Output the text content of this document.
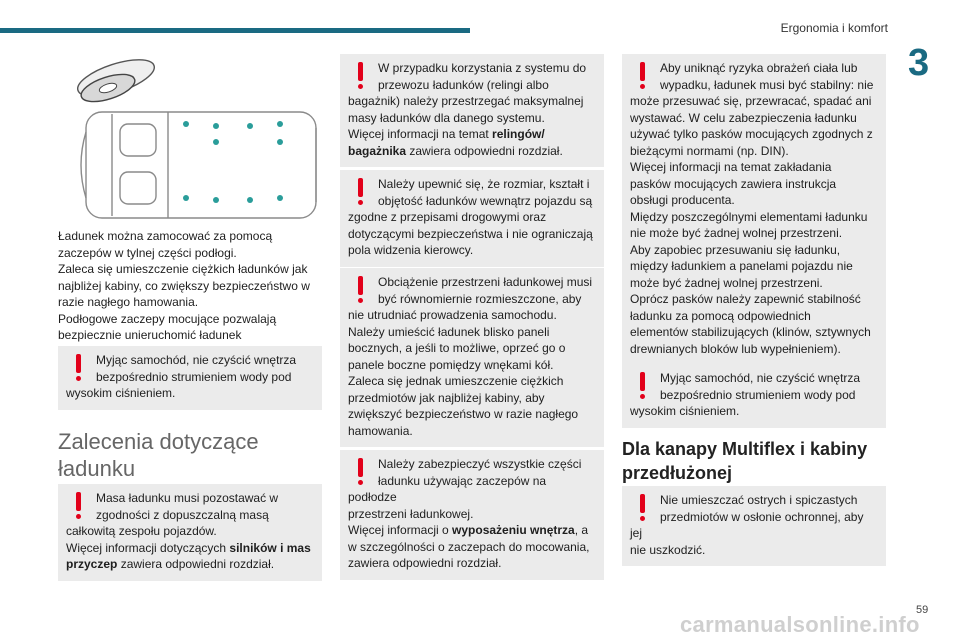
Ergonomia i komfort
3
Ładunek można zamocować za pomocą
zaczepów w tylnej części podłogi.
Zaleca się umieszczenie ciężkich ładunków jak
najbliżej kabiny, co zwiększy bezpieczeństwo w
razie nagłego hamowania.
Podłogowe zaczepy mocujące pozwalają
bezpiecznie unieruchomić ładunek
Myjąc samochód, nie czyścić wnętrza
bezpośrednio strumieniem wody pod
wysokim ciśnieniem.
Zalecenia dotyczące
ładunku
Masa ładunku musi pozostawać w
zgodności z dopuszczalną masą
całkowitą zespołu pojazdów.
Więcej informacji dotyczących silników i mas
przyczep zawiera odpowiedni rozdział.
W przypadku korzystania z systemu do
przewozu ładunków (relingi albo
bagażnik) należy przestrzegać maksymalnej
masy ładunków dla danego systemu.
Więcej informacji na temat relingów/
bagażnika zawiera odpowiedni rozdział.
Należy upewnić się, że rozmiar, kształt i
objętość ładunków wewnątrz pojazdu są
zgodne z przepisami drogowymi oraz
dotyczącymi bezpieczeństwa i nie ograniczają
pola widzenia kierowcy.
Obciążenie przestrzeni ładunkowej musi
być równomiernie rozmieszczone, aby
nie utrudniać prowadzenia samochodu.
Należy umieścić ładunek blisko paneli
bocznych, a jeśli to możliwe, oprzeć go o
panele boczne pomiędzy wnękami kół.
Zaleca się jednak umieszczenie ciężkich
przedmiotów jak najbliżej kabiny, aby
zwiększyć bezpieczeństwo w razie nagłego
hamowania.
Należy zabezpieczyć wszystkie części
ładunku używając zaczepów na podłodze
przestrzeni ładunkowej.
Więcej informacji o wyposażeniu wnętrza, a
w szczególności o zaczepach do mocowania,
zawiera odpowiedni rozdział.
Aby uniknąć ryzyka obrażeń ciała lub
wypadku, ładunek musi być stabilny: nie
może przesuwać się, przewracać, spadać ani
wystawać. W celu zabezpieczenia ładunku
używać tylko pasków mocujących zgodnych z
bieżącymi normami (np. DIN).
Więcej informacji na temat zakładania
pasków mocujących zawiera instrukcja
obsługi producenta.
Między poszczególnymi elementami ładunku
nie może być żadnej wolnej przestrzeni.
Aby zapobiec przesuwaniu się ładunku,
między ładunkiem a panelami pojazdu nie
może być żadnej wolnej przestrzeni.
Oprócz pasków należy zapewnić stabilność
ładunku za pomocą odpowiednich
elementów stabilizujących (klinów, sztywnych
drewnianych bloków lub wypełnieniem).
Myjąc samochód, nie czyścić wnętrza
bezpośrednio strumieniem wody pod
wysokim ciśnieniem.
Dla kanapy Multiflex i kabiny
przedłużonej
Nie umieszczać ostrych i spiczastych
przedmiotów w osłonie ochronnej, aby jej
nie uszkodzić.
59
carmanualsonline.info
